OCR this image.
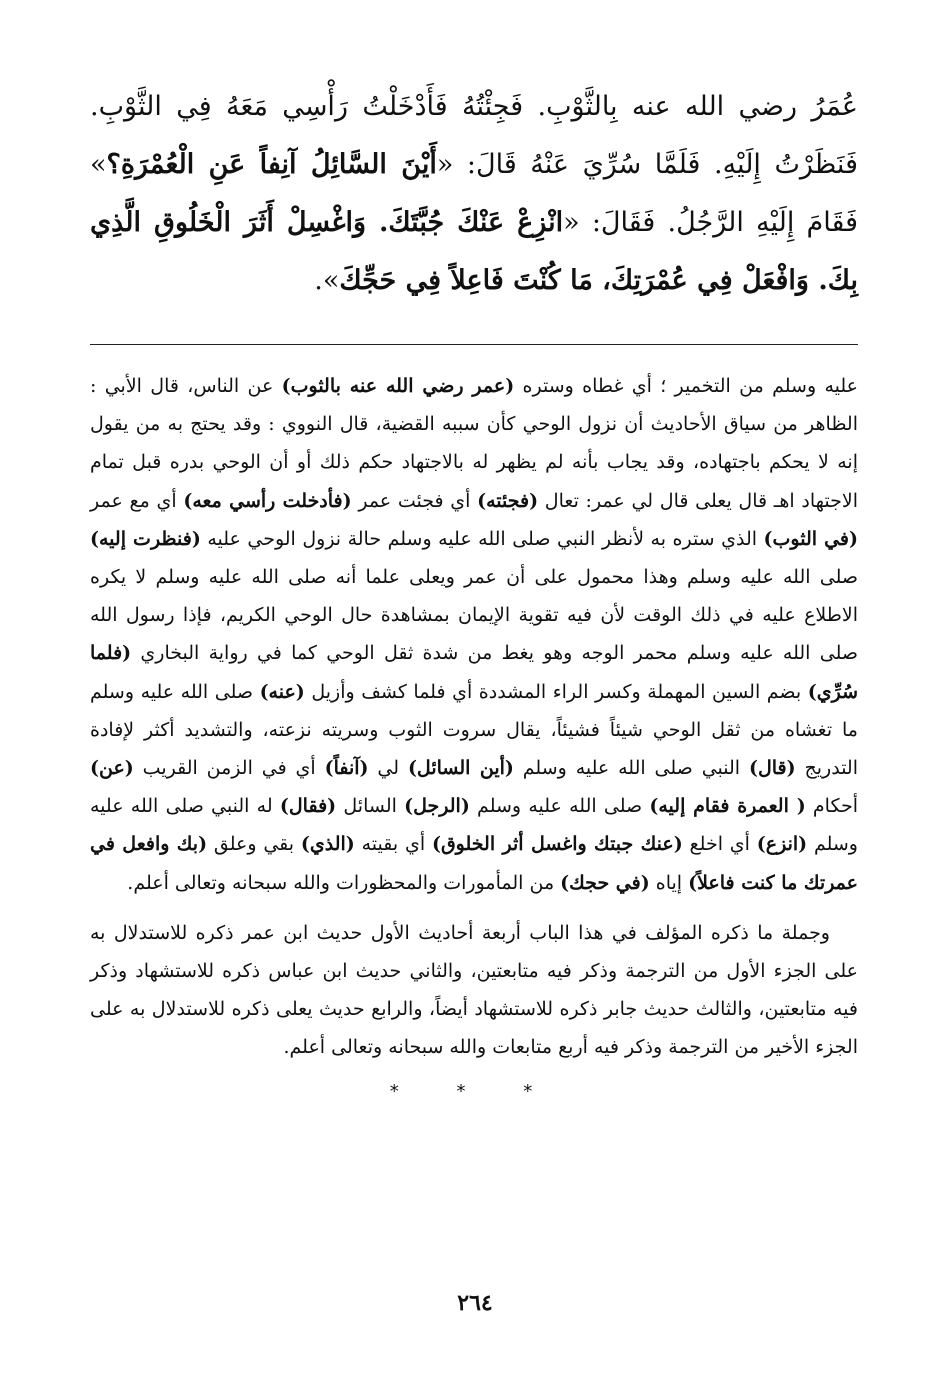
عُمَرُ رضي الله عنه بِالثَّوْبِ. فَجِئْتُهُ فَأَدْخَلْتُ رَأْسِي مَعَهُ فِي الثَّوْبِ. فَنَظَرْتُ إِلَيْهِ. فَلَمَّا سُرِّيَ عَنْهُ قَالَ: «أَيْنَ السَّائِلُ آنِفاً عَنِ الْعُمْرَةِ؟» فَقَامَ إِلَيْهِ الرَّجُلُ. فَقَالَ: «انْزِعْ عَنْكَ جُبَّتَكَ. وَاغْسِلْ أَثَرَ الْخَلُوقِ الَّذِي بِكَ. وَافْعَلْ فِي عُمْرَتِكَ، مَا كُنْتَ فَاعِلاً فِي حَجِّكَ».

عليه وسلم من التخمير ؛ أي غطاه وستره (عمر رضي الله عنه بالثوب) عن الناس، قال الأبي : الظاهر من سياق الأحاديث أن نزول الوحي كأن سببه القضية، قال النووي : وقد يحتج به من يقول إنه لا يحكم باجتهاده، وقد يجاب بأنه لم يظهر له بالاجتهاد حكم ذلك أو أن الوحي بدره قبل تمام الاجتهاد اهـ قال يعلى قال لي عمر: تعال (فجئته) أي فجئت عمر (فأدخلت رأسي معه) أي مع عمر (في الثوب) الذي ستره به لأنظر النبي صلى الله عليه وسلم حالة نزول الوحي عليه (فنظرت إليه) صلى الله عليه وسلم وهذا محمول على أن عمر ويعلى علما أنه صلى الله عليه وسلم لا يكره الاطلاع عليه في ذلك الوقت لأن فيه تقوية الإيمان بمشاهدة حال الوحي الكريم، فإذا رسول الله صلى الله عليه وسلم محمر الوجه وهو يغط من شدة ثقل الوحي كما في رواية البخاري (فلما سُرِّي) بضم السين المهملة وكسر الراء المشددة أي فلما كشف وأزيل (عنه) صلى الله عليه وسلم ما تغشاه من ثقل الوحي شيئاً فشيئاً، يقال سروت الثوب وسريته نزعته، والتشديد أكثر لإفادة التدريج (قال) النبي صلى الله عليه وسلم (أين السائل) لي (آنفاً) أي في الزمن القريب (عن) أحكام ( العمرة فقام إليه) صلى الله عليه وسلم (الرجل) السائل (فقال) له النبي صلى الله عليه وسلم (انزع) أي اخلع (عنك جبتك واغسل أثر الخلوق) أي بقيته (الذي) بقي وعلق (بك وافعل في عمرتك ما كنت فاعلاً) إياه (في حجك) من المأمورات والمحظورات والله سبحانه وتعالى أعلم.

وجملة ما ذكره المؤلف في هذا الباب أربعة أحاديث الأول حديث ابن عمر ذكره للاستدلال به على الجزء الأول من الترجمة وذكر فيه متابعتين، والثاني حديث ابن عباس ذكره للاستشهاد وذكر فيه متابعتين، والثالث حديث جابر ذكره للاستشهاد أيضاً، والرابع حديث يعلى ذكره للاستدلال به على الجزء الأخير من الترجمة وذكر فيه أربع متابعات والله سبحانه وتعالى أعلم.

* * *
٢٦٤
